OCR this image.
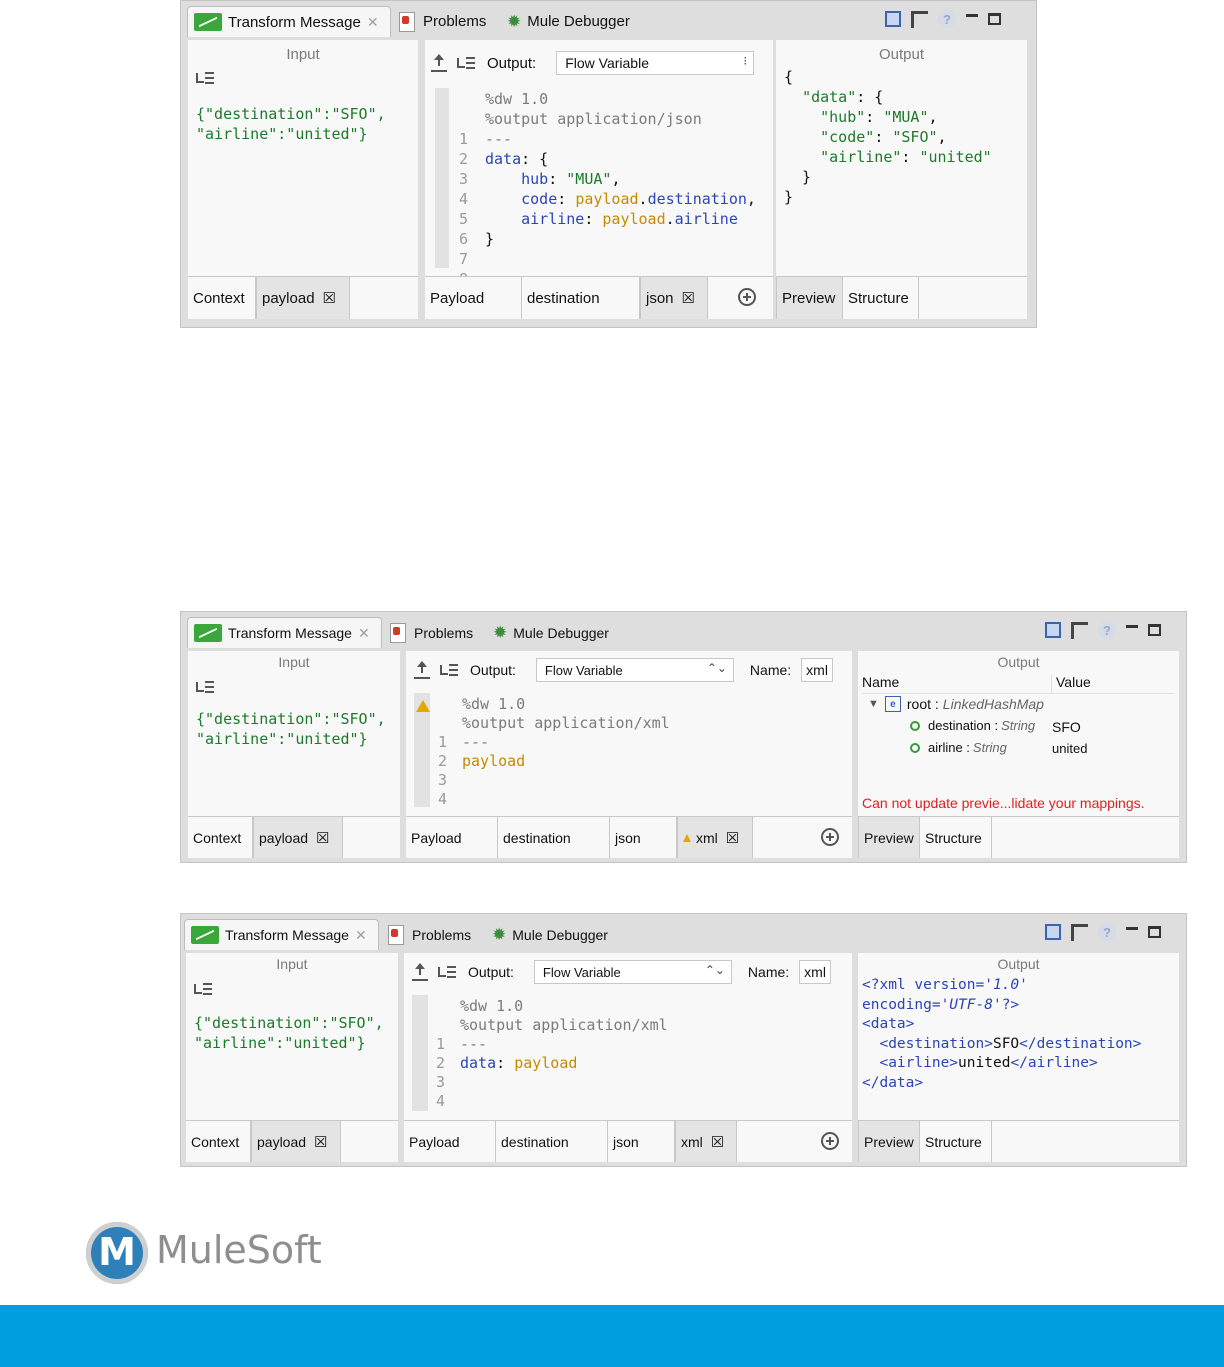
Transform Message ✕	Problems ✹ Mule Debugger	?
Input
{"destination":"SFO",
"airline":"united"}
Context payload ☒
Output: Flow Variable	⁝

1
2
3
4
5
6
7

%dw 1.0
%output application/json
---
data: {
hub: "MUA",
code: payload.destination,
airline: payload.airline
}
Payload	destination	json ☒
Output
{
"data": {
"hub": "MUA",
"code": "SFO",
"airline": "united"
}
}
Preview Structure
Transform Message ✕	Problems ✹ Mule Debugger	?
Input
{"destination":"SFO",
"airline":"united"}
Context payload ☒
Output: Flow Variable	⌃⌄ Name: xml

1
2
3
4

%dw 1.0
%output application/xml
---
payload
Payload	destination	json	xml ☒
Output
Name	Value
▼	e root : LinkedHashMap
destination : String SFO
airline : String	united
Can not update previe...lidate your mappings.
Preview Structure
Transform Message ✕	Problems ✹ Mule Debugger	?
Input
{"destination":"SFO",
"airline":"united"}
Context payload ☒
Output: Flow Variable	⌃⌄ Name: xml

1
2
3
4

%dw 1.0
%output application/xml
---
data: payload
Payload	destination	json	xml ☒
Output
<?xml version='1.0'
encoding='UTF-8'?>
<data>
<destination>SFO</destination>
<airline>united</airline>
</data>
Preview Structure
M
MuleSoft
